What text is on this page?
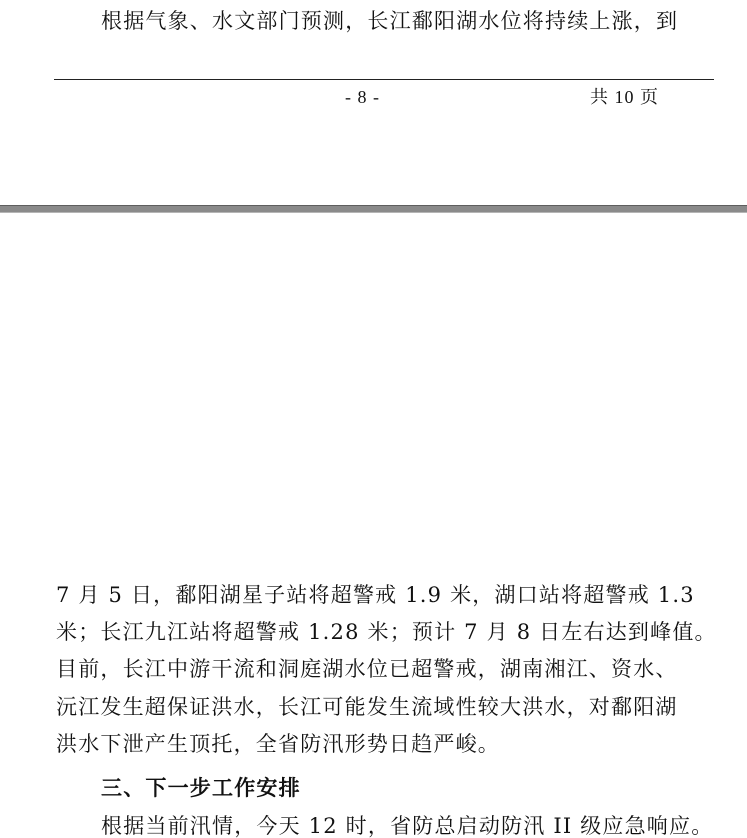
根据气象、水文部门预测，长江鄱阳湖水位将持续上涨，到
- 8 -	共 10 页
7 月 5 日，鄱阳湖星子站将超警戒 1.9 米，湖口站将超警戒 1.3
米；长江九江站将超警戒 1.28 米；预计 7 月 8 日左右达到峰值。
目前，长江中游干流和洞庭湖水位已超警戒，湖南湘江、资水、
沅江发生超保证洪水，长江可能发生流域性较大洪水，对鄱阳湖
洪水下泄产生顶托，全省防汛形势日趋严峻。
三、下一步工作安排
根据当前汛情，今天 12 时，省防总启动防汛 II 级应急响应。
